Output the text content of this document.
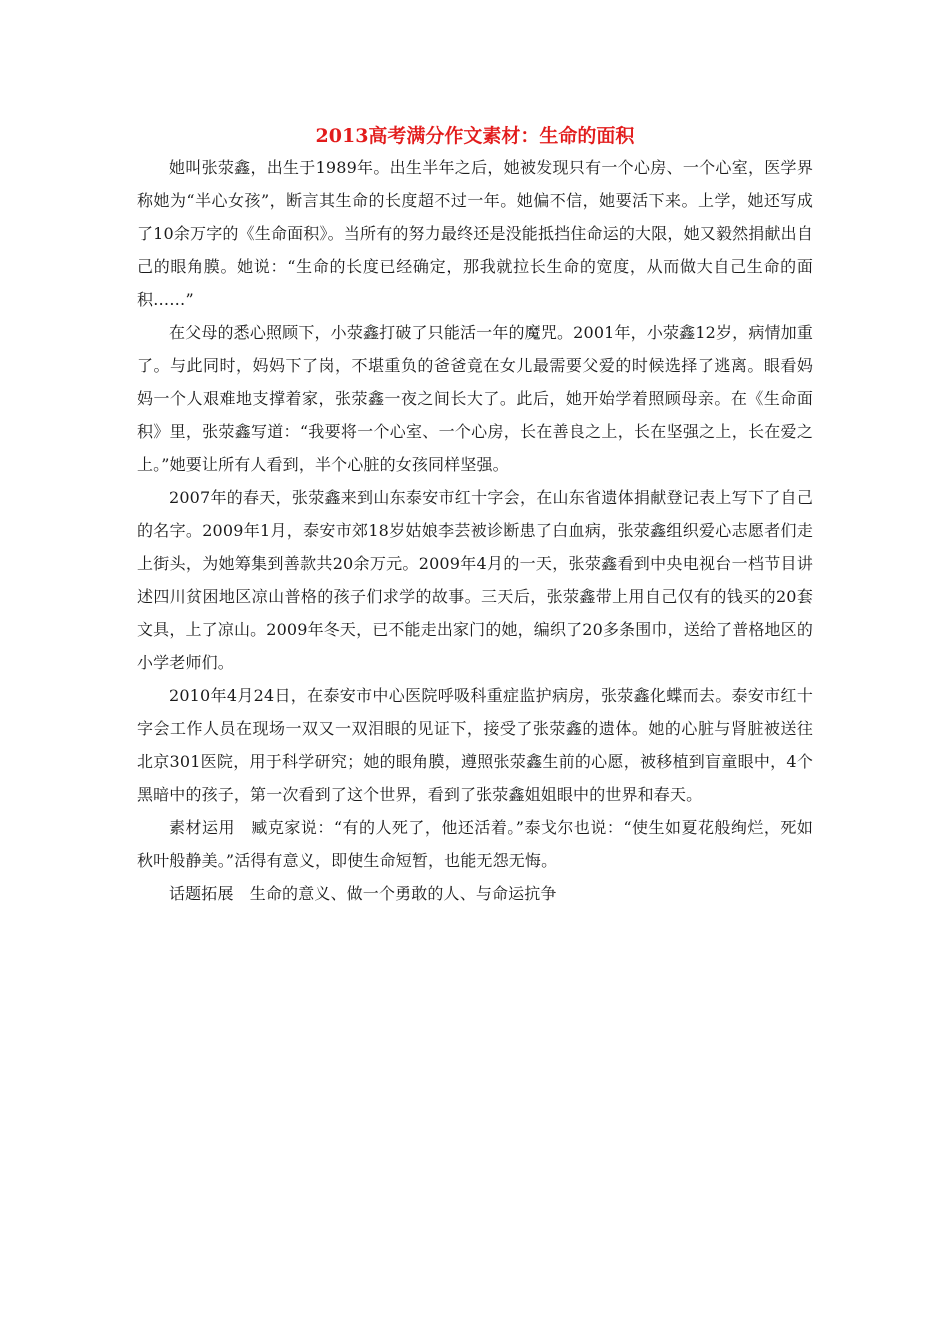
2013高考满分作文素材：生命的面积

她叫张荥鑫，出生于1989年。出生半年之后，她被发现只有一个心房、一个心室，医学界称她为“半心女孩”，断言其生命的长度超不过一年。她偏不信，她要活下来。上学，她还写成了10余万字的《生命面积》。当所有的努力最终还是没能抵挡住命运的大限，她又毅然捐献出自己的眼角膜。她说：“生命的长度已经确定，那我就拉长生命的宽度，从而做大自己生命的面积……”

在父母的悉心照顾下，小荥鑫打破了只能活一年的魔咒。2001年，小荥鑫12岁，病情加重了。与此同时，妈妈下了岗，不堪重负的爸爸竟在女儿最需要父爱的时候选择了逃离。眼看妈妈一个人艰难地支撑着家，张荥鑫一夜之间长大了。此后，她开始学着照顾母亲。在《生命面积》里，张荥鑫写道：“我要将一个心室、一个心房，长在善良之上，长在坚强之上，长在爱之上。”她要让所有人看到，半个心脏的女孩同样坚强。

2007年的春天，张荥鑫来到山东泰安市红十字会，在山东省遗体捐献登记表上写下了自己的名字。2009年1月，泰安市郊18岁姑娘李芸被诊断患了白血病，张荥鑫组织爱心志愿者们走上街头，为她筹集到善款共20余万元。2009年4月的一天，张荥鑫看到中央电视台一档节目讲述四川贫困地区凉山普格的孩子们求学的故事。三天后，张荥鑫带上用自己仅有的钱买的20套文具，上了凉山。2009年冬天，已不能走出家门的她，编织了20多条围巾，送给了普格地区的小学老师们。

2010年4月24日，在泰安市中心医院呼吸科重症监护病房，张荥鑫化蝶而去。泰安市红十字会工作人员在现场一双又一双泪眼的见证下，接受了张荥鑫的遗体。她的心脏与肾脏被送往北京301医院，用于科学研究；她的眼角膜，遵照张荥鑫生前的心愿，被移植到盲童眼中，4个黑暗中的孩子，第一次看到了这个世界，看到了张荥鑫姐姐眼中的世界和春天。

素材运用　臧克家说：“有的人死了，他还活着。”泰戈尔也说：“使生如夏花般绚烂，死如秋叶般静美。”活得有意义，即使生命短暂，也能无怨无悔。

话题拓展　生命的意义、做一个勇敢的人、与命运抗争
